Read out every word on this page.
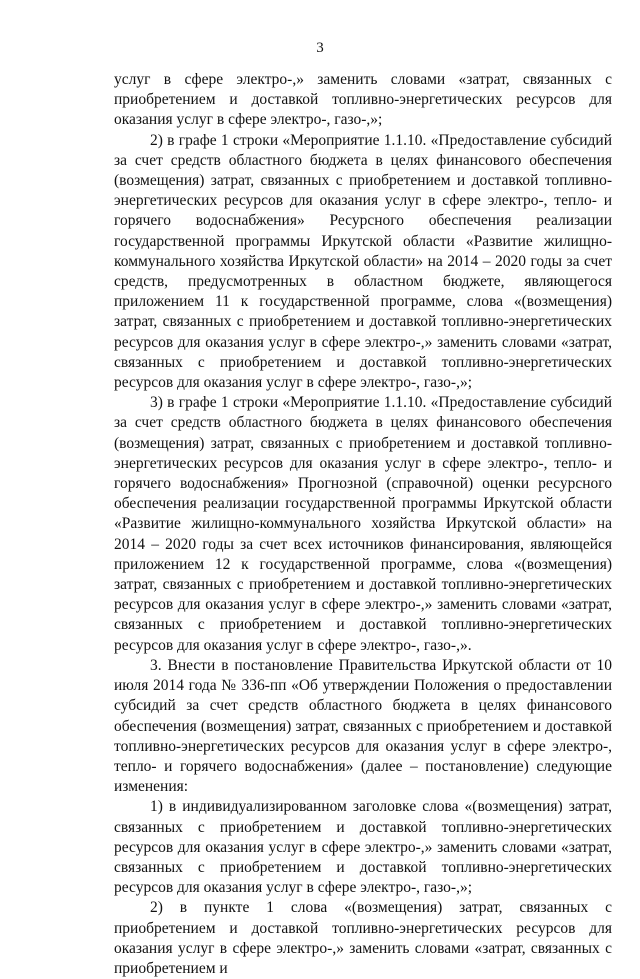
3

услуг в сфере электро-,» заменить словами «затрат, связанных с приобретением и доставкой топливно-энергетических ресурсов для оказания услуг в сфере электро-, газо-,»;

2) в графе 1 строки «Мероприятие 1.1.10. «Предоставление субсидий за счет средств областного бюджета в целях финансового обеспечения (возмещения) затрат, связанных с приобретением и доставкой топливно-энергетических ресурсов для оказания услуг в сфере электро-, тепло- и горячего водоснабжения» Ресурсного обеспечения реализации государственной программы Иркутской области «Развитие жилищно-коммунального хозяйства Иркутской области» на 2014 – 2020 годы за счет средств, предусмотренных в областном бюджете, являющегося приложением 11 к государственной программе, слова «(возмещения) затрат, связанных с приобретением и доставкой топливно-энергетических ресурсов для оказания услуг в сфере электро-,» заменить словами «затрат, связанных с приобретением и доставкой топливно-энергетических ресурсов для оказания услуг в сфере электро-, газо-,»;

3) в графе 1 строки «Мероприятие 1.1.10. «Предоставление субсидий за счет средств областного бюджета в целях финансового обеспечения (возмещения) затрат, связанных с приобретением и доставкой топливно-энергетических ресурсов для оказания услуг в сфере электро-, тепло- и горячего водоснабжения» Прогнозной (справочной) оценки ресурсного обеспечения реализации государственной программы Иркутской области «Развитие жилищно-коммунального хозяйства Иркутской области» на 2014 – 2020 годы за счет всех источников финансирования, являющейся приложением 12 к государственной программе, слова «(возмещения) затрат, связанных с приобретением и доставкой топливно-энергетических ресурсов для оказания услуг в сфере электро-,» заменить словами «затрат, связанных с приобретением и доставкой топливно-энергетических ресурсов для оказания услуг в сфере электро-, газо-,».

3. Внести в постановление Правительства Иркутской области от 10 июля 2014 года № 336-пп «Об утверждении Положения о предоставлении субсидий за счет средств областного бюджета в целях финансового обеспечения (возмещения) затрат, связанных с приобретением и доставкой топливно-энергетических ресурсов для оказания услуг в сфере электро-, тепло- и горячего водоснабжения» (далее – постановление) следующие изменения:

1) в индивидуализированном заголовке слова «(возмещения) затрат, связанных с приобретением и доставкой топливно-энергетических ресурсов для оказания услуг в сфере электро-,» заменить словами «затрат, связанных с приобретением и доставкой топливно-энергетических ресурсов для оказания услуг в сфере электро-, газо-,»;

2) в пункте 1 слова «(возмещения) затрат, связанных с приобретением и доставкой топливно-энергетических ресурсов для оказания услуг в сфере электро-,» заменить словами «затрат, связанных с приобретением и
